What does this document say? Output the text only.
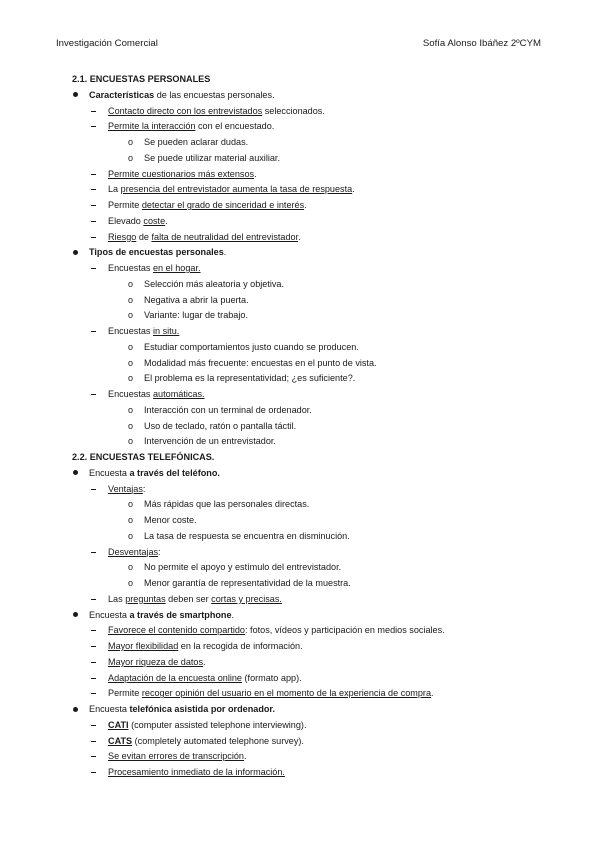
Investigación Comercial	Sofía Alonso Ibáñez 2ºCYM
2.1. ENCUESTAS PERSONALES
Características de las encuestas personales.
Contacto directo con los entrevistados seleccionados.
Permite la interacción con el encuestado.
o Se pueden aclarar dudas.
o Se puede utilizar material auxiliar.
Permite cuestionarios más extensos.
La presencia del entrevistador aumenta la tasa de respuesta.
Permite detectar el grado de sinceridad e interés.
Elevado coste.
Riesgo de falta de neutralidad del entrevistador.
Tipos de encuestas personales.
Encuestas en el hogar.
o Selección más aleatoria y objetiva.
o Negativa a abrir la puerta.
o Variante: lugar de trabajo.
Encuestas in situ.
o Estudiar comportamientos justo cuando se producen.
o Modalidad más frecuente: encuestas en el punto de vista.
o El problema es la representatividad; ¿es suficiente?.
Encuestas automáticas.
o Interacción con un terminal de ordenador.
o Uso de teclado, ratón o pantalla táctil.
o Intervención de un entrevistador.
2.2. ENCUESTAS TELEFÓNICAS.
Encuesta a través del teléfono.
Ventajas:
o Más rápidas que las personales directas.
o Menor coste.
o La tasa de respuesta se encuentra en disminución.
Desventajas:
o No permite el apoyo y estímulo del entrevistador.
o Menor garantía de representatividad de la muestra.
Las preguntas deben ser cortas y precisas.
Encuesta a través de smartphone.
Favorece el contenido compartido: fotos, vídeos y participación en medios sociales.
Mayor flexibilidad en la recogida de información.
Mayor riqueza de datos.
Adaptación de la encuesta online (formato app).
Permite recoger opinión del usuario en el momento de la experiencia de compra.
Encuesta telefónica asistida por ordenador.
CATI (computer assisted telephone interviewing).
CATS (completely automated telephone survey).
Se evitan errores de transcripción.
Procesamiento inmediato de la información.
